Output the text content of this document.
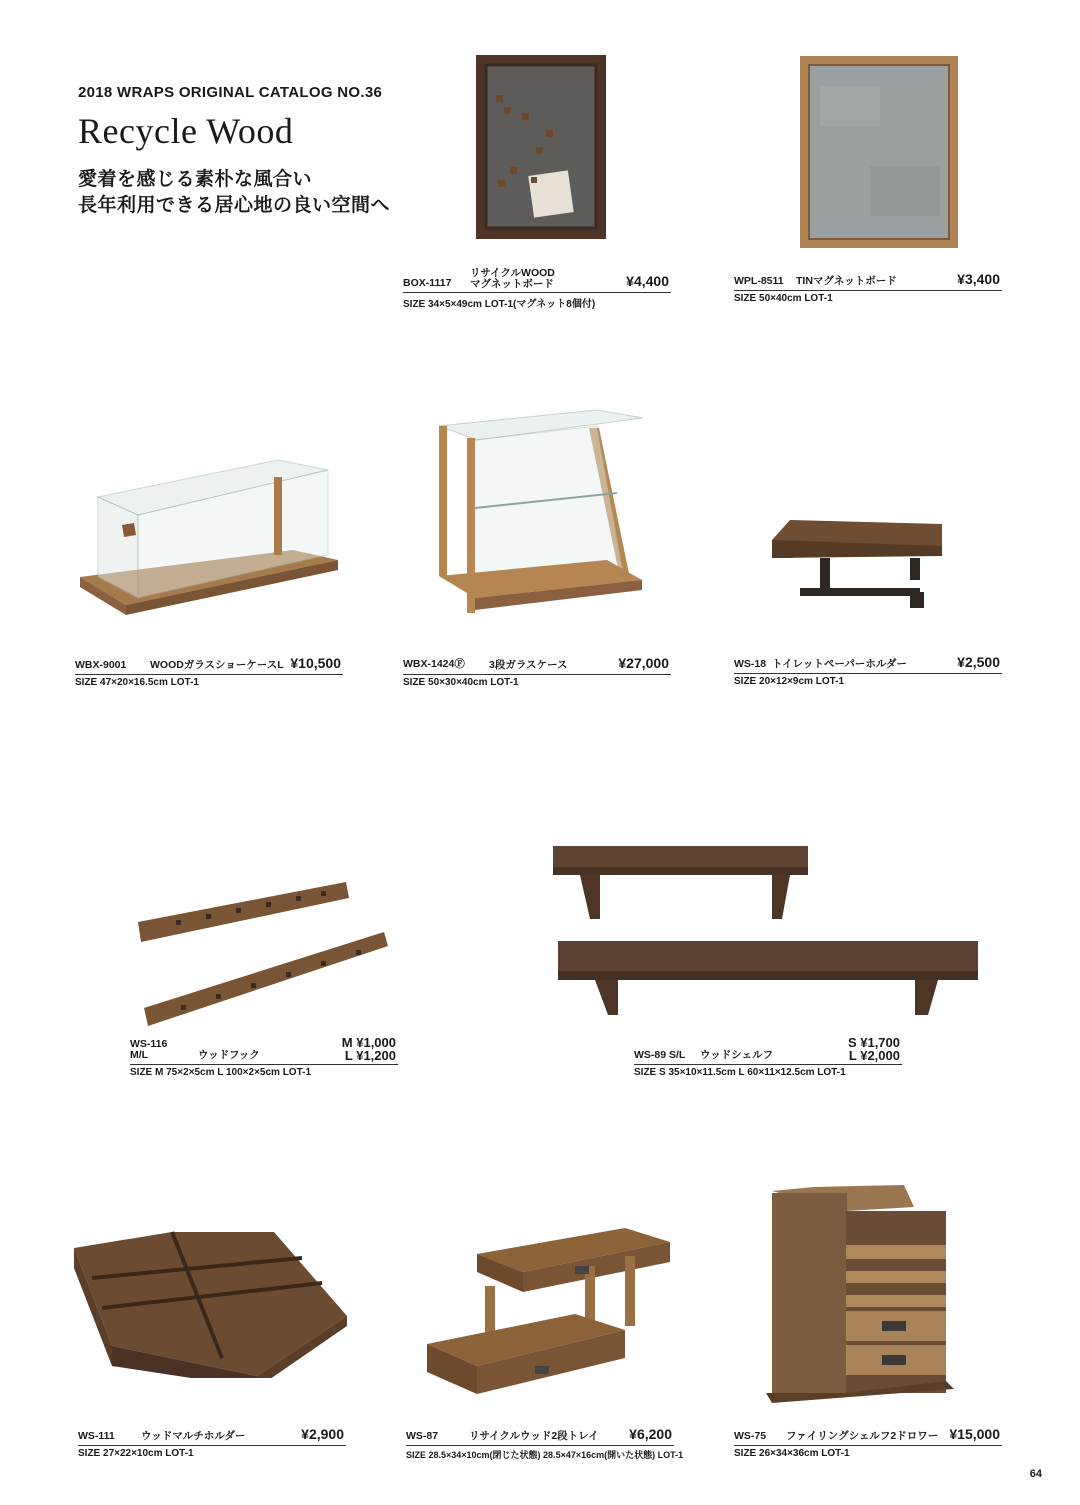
2018 WRAPS ORIGINAL CATALOG NO.36
Recycle Wood
愛着を感じる素朴な風合い
長年利用できる居心地の良い空間へ
BOX-1117
リサイクルWOOD
マグネットボード	¥4,400
SIZE 34×5×49cm LOT-1(マグネット8個付)
WPL-8511 TINマグネットボード	¥3,400
SIZE 50×40cm LOT-1
WBX-9001 WOODガラスショーケースL ¥10,500
SIZE 47×20×16.5cm LOT-1
WBX-1424Ⓕ 3段ガラスケース	¥27,000
SIZE 50×30×40cm LOT-1
WS-18 トイレットペーパーホルダー	¥2,500
SIZE 20×12×9cm LOT-1
WS-116
M/L	ウッドフック
M ¥1,000
L ¥1,200
SIZE M 75×2×5cm L 100×2×5cm LOT-1
WS-89 S/L ウッドシェルフ
S ¥1,700
L ¥2,000
SIZE S 35×10×11.5cm L 60×11×12.5cm LOT-1
WS-111 ウッドマルチホルダー	¥2,900
SIZE 27×22×10cm LOT-1
WS-87	リサイクルウッド2段トレイ ¥6,200
SIZE 28.5×34×10cm(閉じた状態) 28.5×47×16cm(開いた状態) LOT-1
WS-75 ファイリングシェルフ2ドロワー ¥15,000
SIZE 26×34×36cm LOT-1
64
